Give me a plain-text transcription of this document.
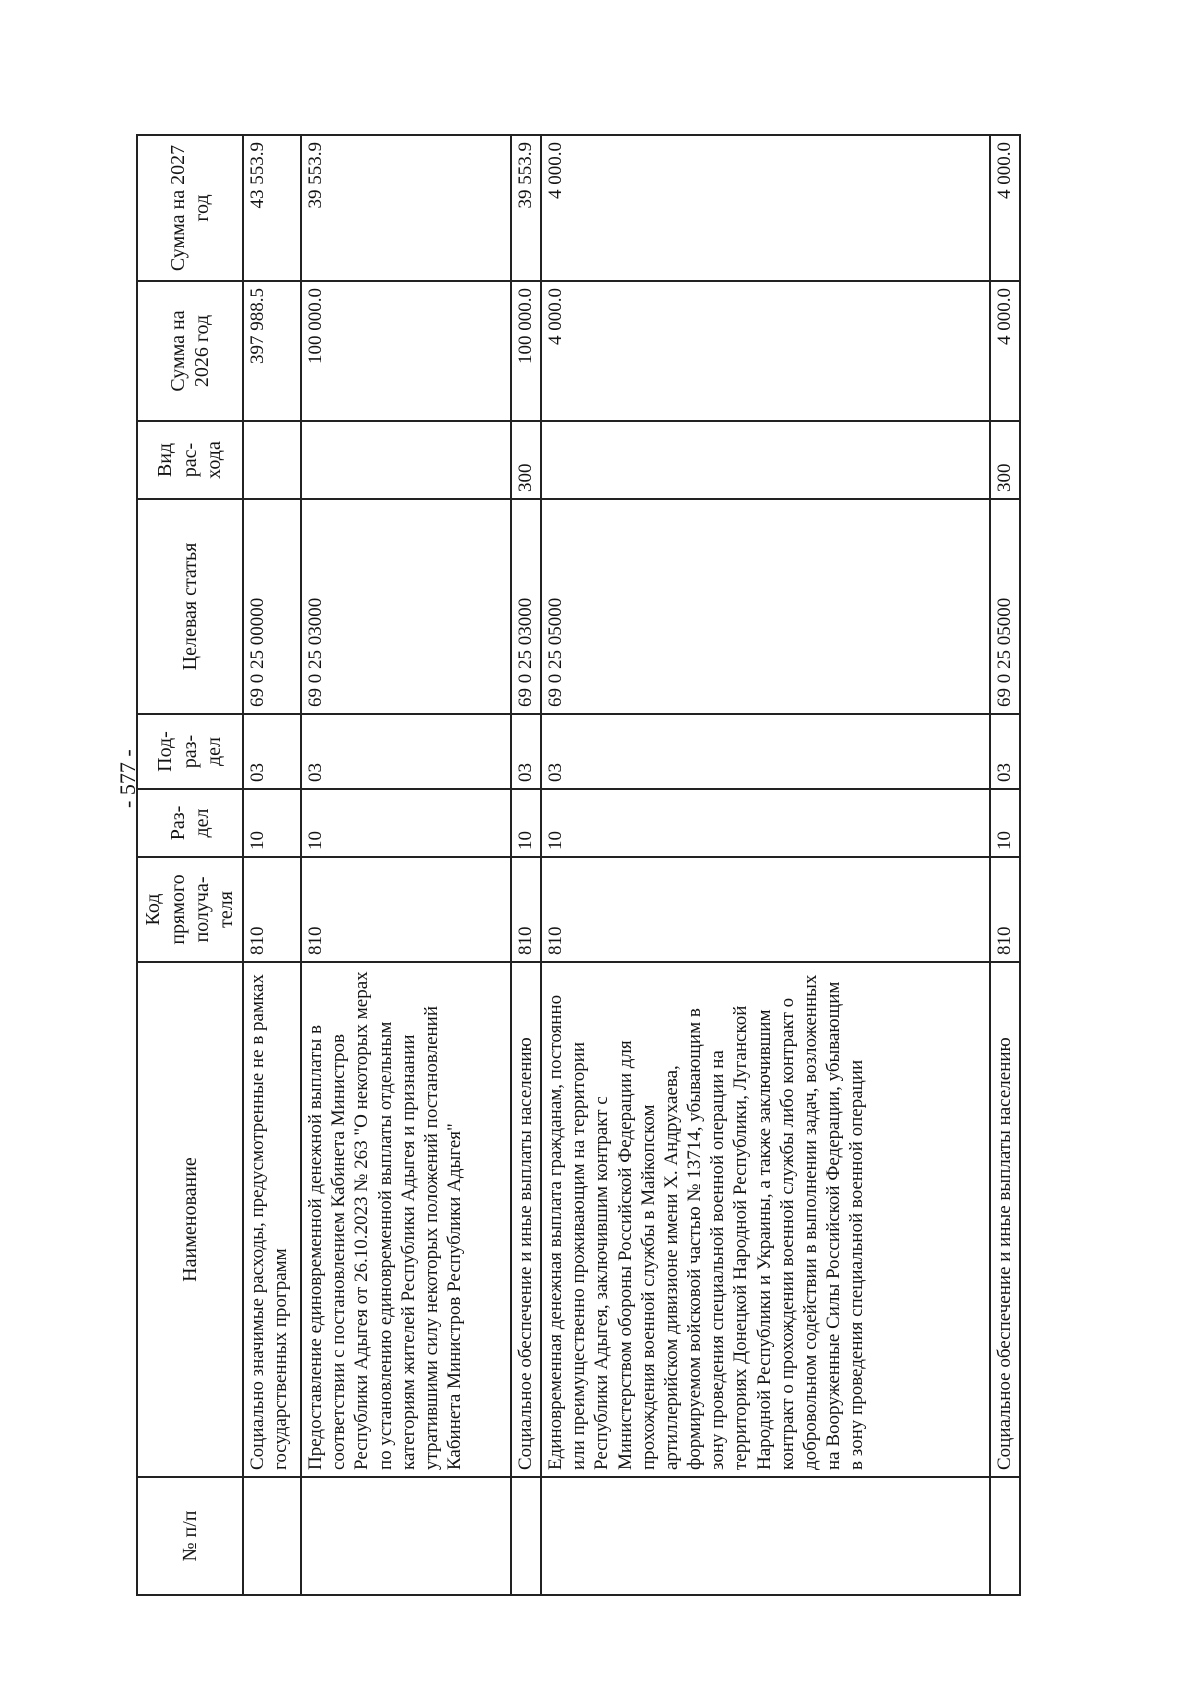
- 577 -
№ п/п	Наименование	Код прямого получа-теля	Раз-дел	Под-раз-дел	Целевая статья	Вид рас-хода	Сумма на 2026 год	Сумма на 2027 год
	Социально значимые расходы, предусмотренные не в рамках государственных программ	810	10	03	69 0 25 00000		397 988.5	43 553.9
	Предоставление единовременной денежной выплаты в соответствии с постановлением Кабинета Министров Республики Адыгея от 26.10.2023 № 263 "О некоторых мерах по установлению единовременной выплаты отдельным категориям жителей Республики Адыгея и признании утратившими силу некоторых положений постановлений Кабинета Министров Республики Адыгея"	810	10	03	69 0 25 03000		100 000.0	39 553.9
	Социальное обеспечение и иные выплаты населению	810	10	03	69 0 25 03000	300	100 000.0	39 553.9
	Единовременная денежная выплата гражданам, постоянно или преимущественно проживающим на территории Республики Адыгея, заключившим контракт с Министерством обороны Российской Федерации для прохождения военной службы в Майкопском артиллерийском дивизионе имени Х. Андрухаева, формируемом войсковой частью № 13714, убывающим в зону проведения специальной военной операции на территориях Донецкой Народной Республики, Луганской Народной Республики и Украины, а также заключившим контракт о прохождении военной службы либо контракт о добровольном содействии в выполнении задач, возложенных на Вооруженные Силы Российской Федерации, убывающим в зону проведения специальной военной операции	810	10	03	69 0 25 05000		4 000.0	4 000.0
	Социальное обеспечение и иные выплаты населению	810	10	03	69 0 25 05000	300	4 000.0	4 000.0
